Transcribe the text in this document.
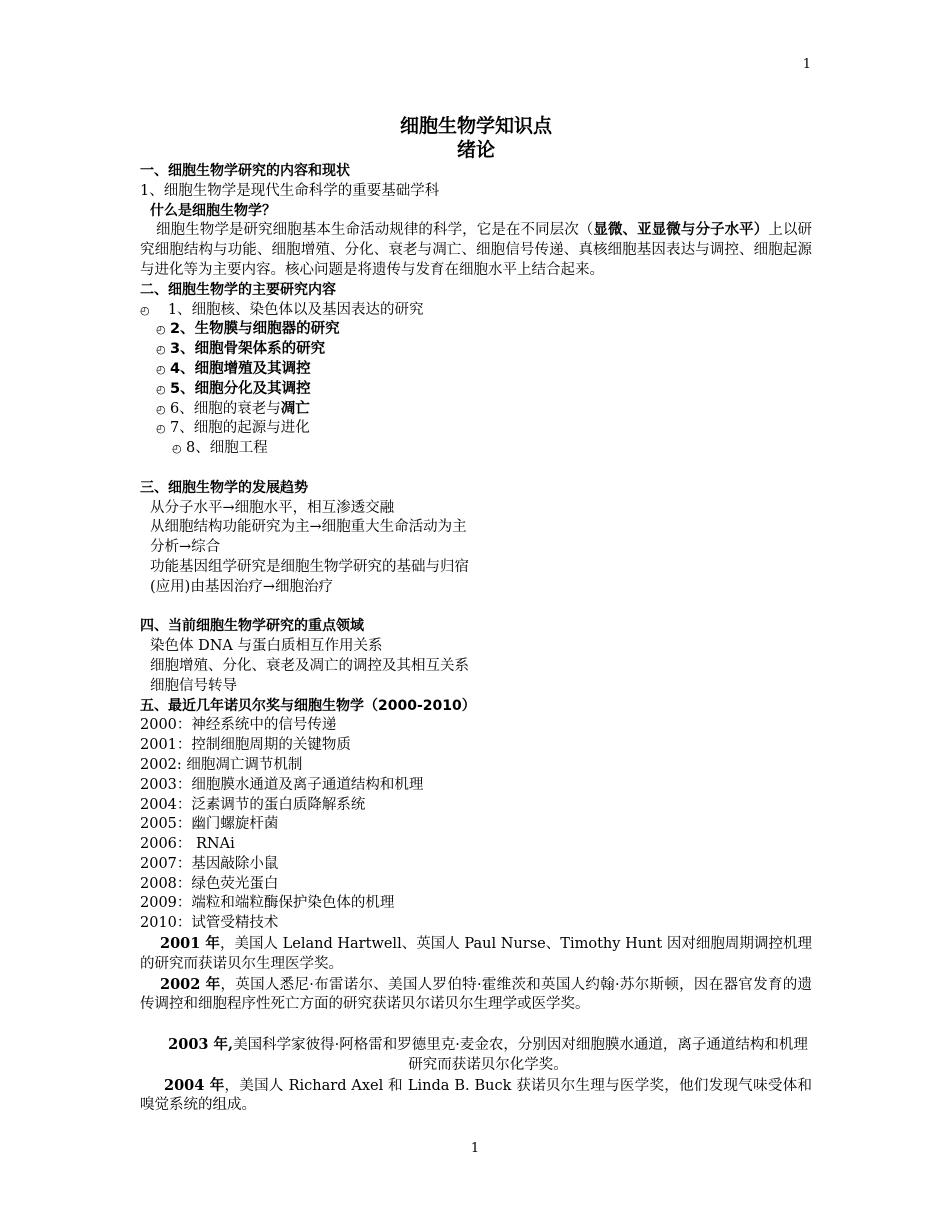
1
细胞生物学知识点
绪论
一、细胞生物学研究的内容和现状
1、细胞生物学是现代生命科学的重要基础学科
什么是细胞生物学？
细胞生物学是研究细胞基本生命活动规律的科学，它是在不同层次（显微、亚显微与分子水平）上以研究细胞结构与功能、细胞增殖、分化、衰老与凋亡、细胞信号传递、真核细胞基因表达与调控、细胞起源与进化等为主要内容。核心问题是将遗传与发育在细胞水平上结合起来。
二、细胞生物学的主要研究内容
◴ 1、细胞核、染色体以及基因表达的研究
◴ 2、生物膜与细胞器的研究
◴ 3、细胞骨架体系的研究
◴ 4、细胞增殖及其调控
◴ 5、细胞分化及其调控
◴ 6、细胞的衰老与凋亡
◴ 7、细胞的起源与进化
◴ 8、细胞工程
三、细胞生物学的发展趋势
从分子水平→细胞水平，相互渗透交融
从细胞结构功能研究为主→细胞重大生命活动为主
分析→综合
功能基因组学研究是细胞生物学研究的基础与归宿
(应用)由基因治疗→细胞治疗
四、当前细胞生物学研究的重点领域
染色体 DNA 与蛋白质相互作用关系
细胞增殖、分化、衰老及凋亡的调控及其相互关系
细胞信号转导
五、最近几年诺贝尔奖与细胞生物学（2000-2010）
2000：神经系统中的信号传递
2001：控制细胞周期的关键物质
2002: 细胞凋亡调节机制
2003：细胞膜水通道及离子通道结构和机理
2004：泛素调节的蛋白质降解系统
2005：幽门螺旋杆菌
2006： RNAi
2007：基因敲除小鼠
2008：绿色荧光蛋白
2009：端粒和端粒酶保护染色体的机理
2010：试管受精技术
2001 年，美国人 Leland Hartwell、英国人 Paul Nurse、Timothy Hunt 因对细胞周期调控机理的研究而获诺贝尔生理医学奖。
2002 年，英国人悉尼·布雷诺尔、美国人罗伯特·霍维茨和英国人约翰·苏尔斯顿，因在器官发育的遗传调控和细胞程序性死亡方面的研究获诺贝尔诺贝尔生理学或医学奖。
2003 年,美国科学家彼得·阿格雷和罗德里克·麦金农，分别因对细胞膜水通道，离子通道结构和机理研究而获诺贝尔化学奖。
2004 年，美国人 Richard Axel 和 Linda B. Buck 获诺贝尔生理与医学奖，他们发现气味受体和嗅觉系统的组成。
1
